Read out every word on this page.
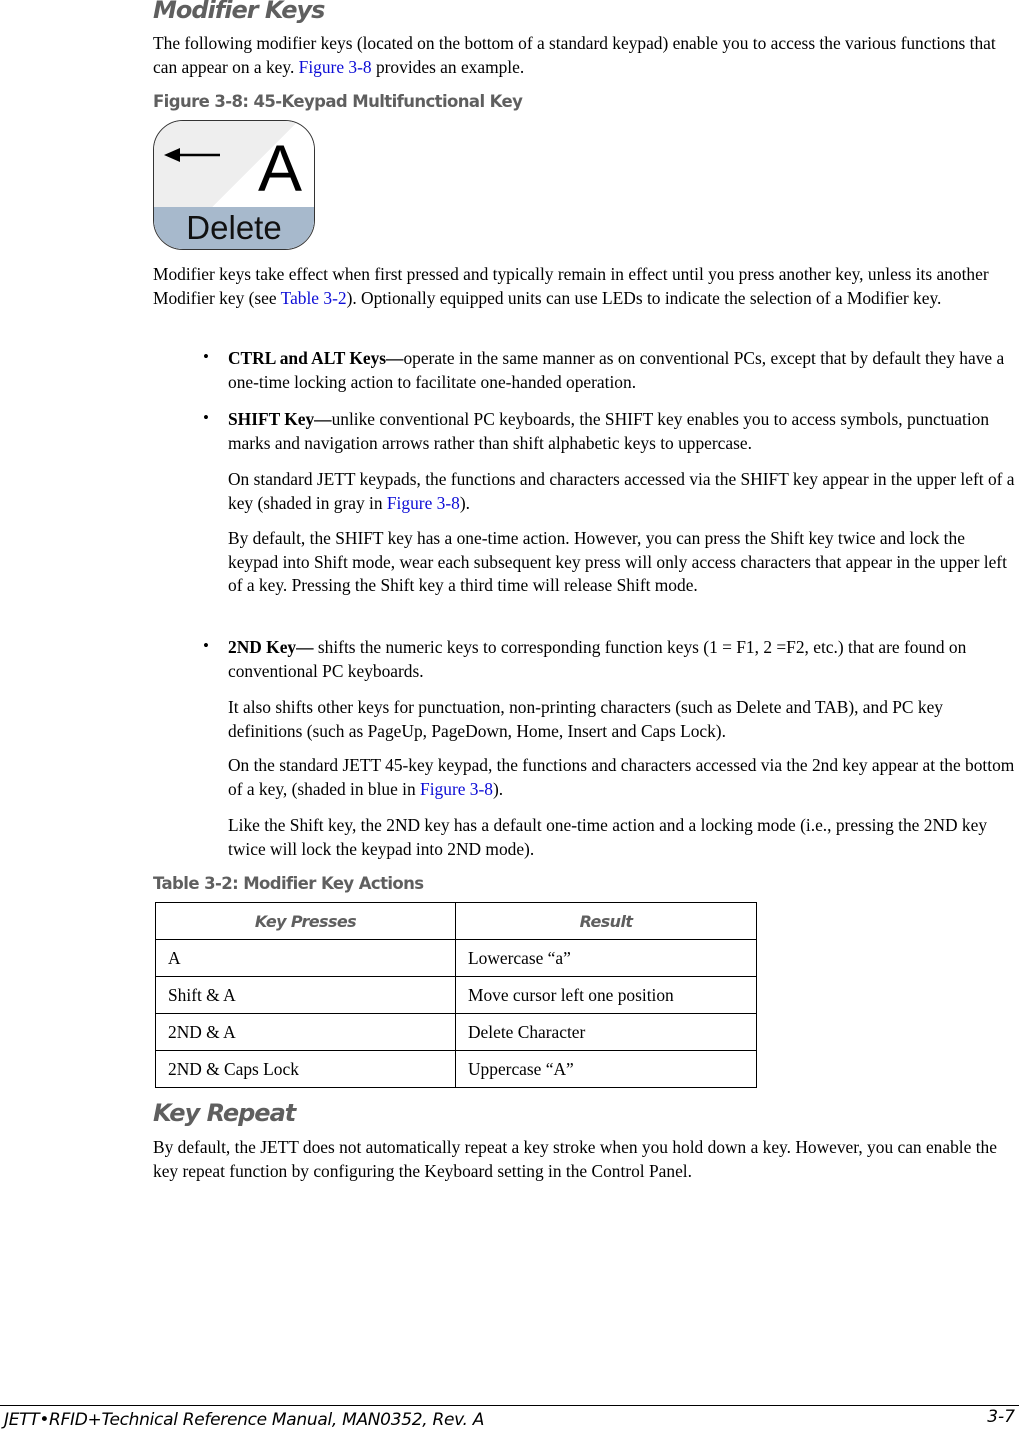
Modifier Keys

The following modifier keys (located on the bottom of a standard keypad) enable you to access the various functions that can appear on a key. Figure 3-8 provides an example.

Figure 3-8: 45-Keypad Multifunctional Key
A
Delete

Modifier keys take effect when first pressed and typically remain in effect until you press another key, unless its another Modifier key (see Table 3-2). Optionally equipped units can use LEDs to indicate the selection of a Modifier key.

• CTRL and ALT Keys—operate in the same manner as on conventional PCs, except that by default they have a one-time locking action to facilitate one-handed operation.

• SHIFT Key—unlike conventional PC keyboards, the SHIFT key enables you to access symbols, punctuation marks and navigation arrows rather than shift alphabetic keys to uppercase.

On standard JETT keypads, the functions and characters accessed via the SHIFT key appear in the upper left of a key (shaded in gray in Figure 3-8).

By default, the SHIFT key has a one-time action. However, you can press the Shift key twice and lock the keypad into Shift mode, wear each subsequent key press will only access characters that appear in the upper left of a key. Pressing the Shift key a third time will release Shift mode.

• 2ND Key— shifts the numeric keys to corresponding function keys (1 = F1, 2 =F2, etc.) that are found on conventional PC keyboards.

It also shifts other keys for punctuation, non-printing characters (such as Delete and TAB), and PC key definitions (such as PageUp, PageDown, Home, Insert and Caps Lock).

On the standard JETT 45-key keypad, the functions and characters accessed via the 2nd key appear at the bottom of a key, (shaded in blue in Figure 3-8).

Like the Shift key, the 2ND key has a default one-time action and a locking mode (i.e., pressing the 2ND key twice will lock the keypad into 2ND mode).

Table 3-2: Modifier Key Actions
Key Presses	Result
A	Lowercase “a”
Shift & A	Move cursor left one position
2ND & A	Delete Character
2ND & Caps Lock	Uppercase “A”
Key Repeat

By default, the JETT does not automatically repeat a key stroke when you hold down a key. However, you can enable the key repeat function by configuring the Keyboard setting in the Control Panel.

JETT•RFID+Technical Reference Manual, MAN0352, Rev. A	3-7
